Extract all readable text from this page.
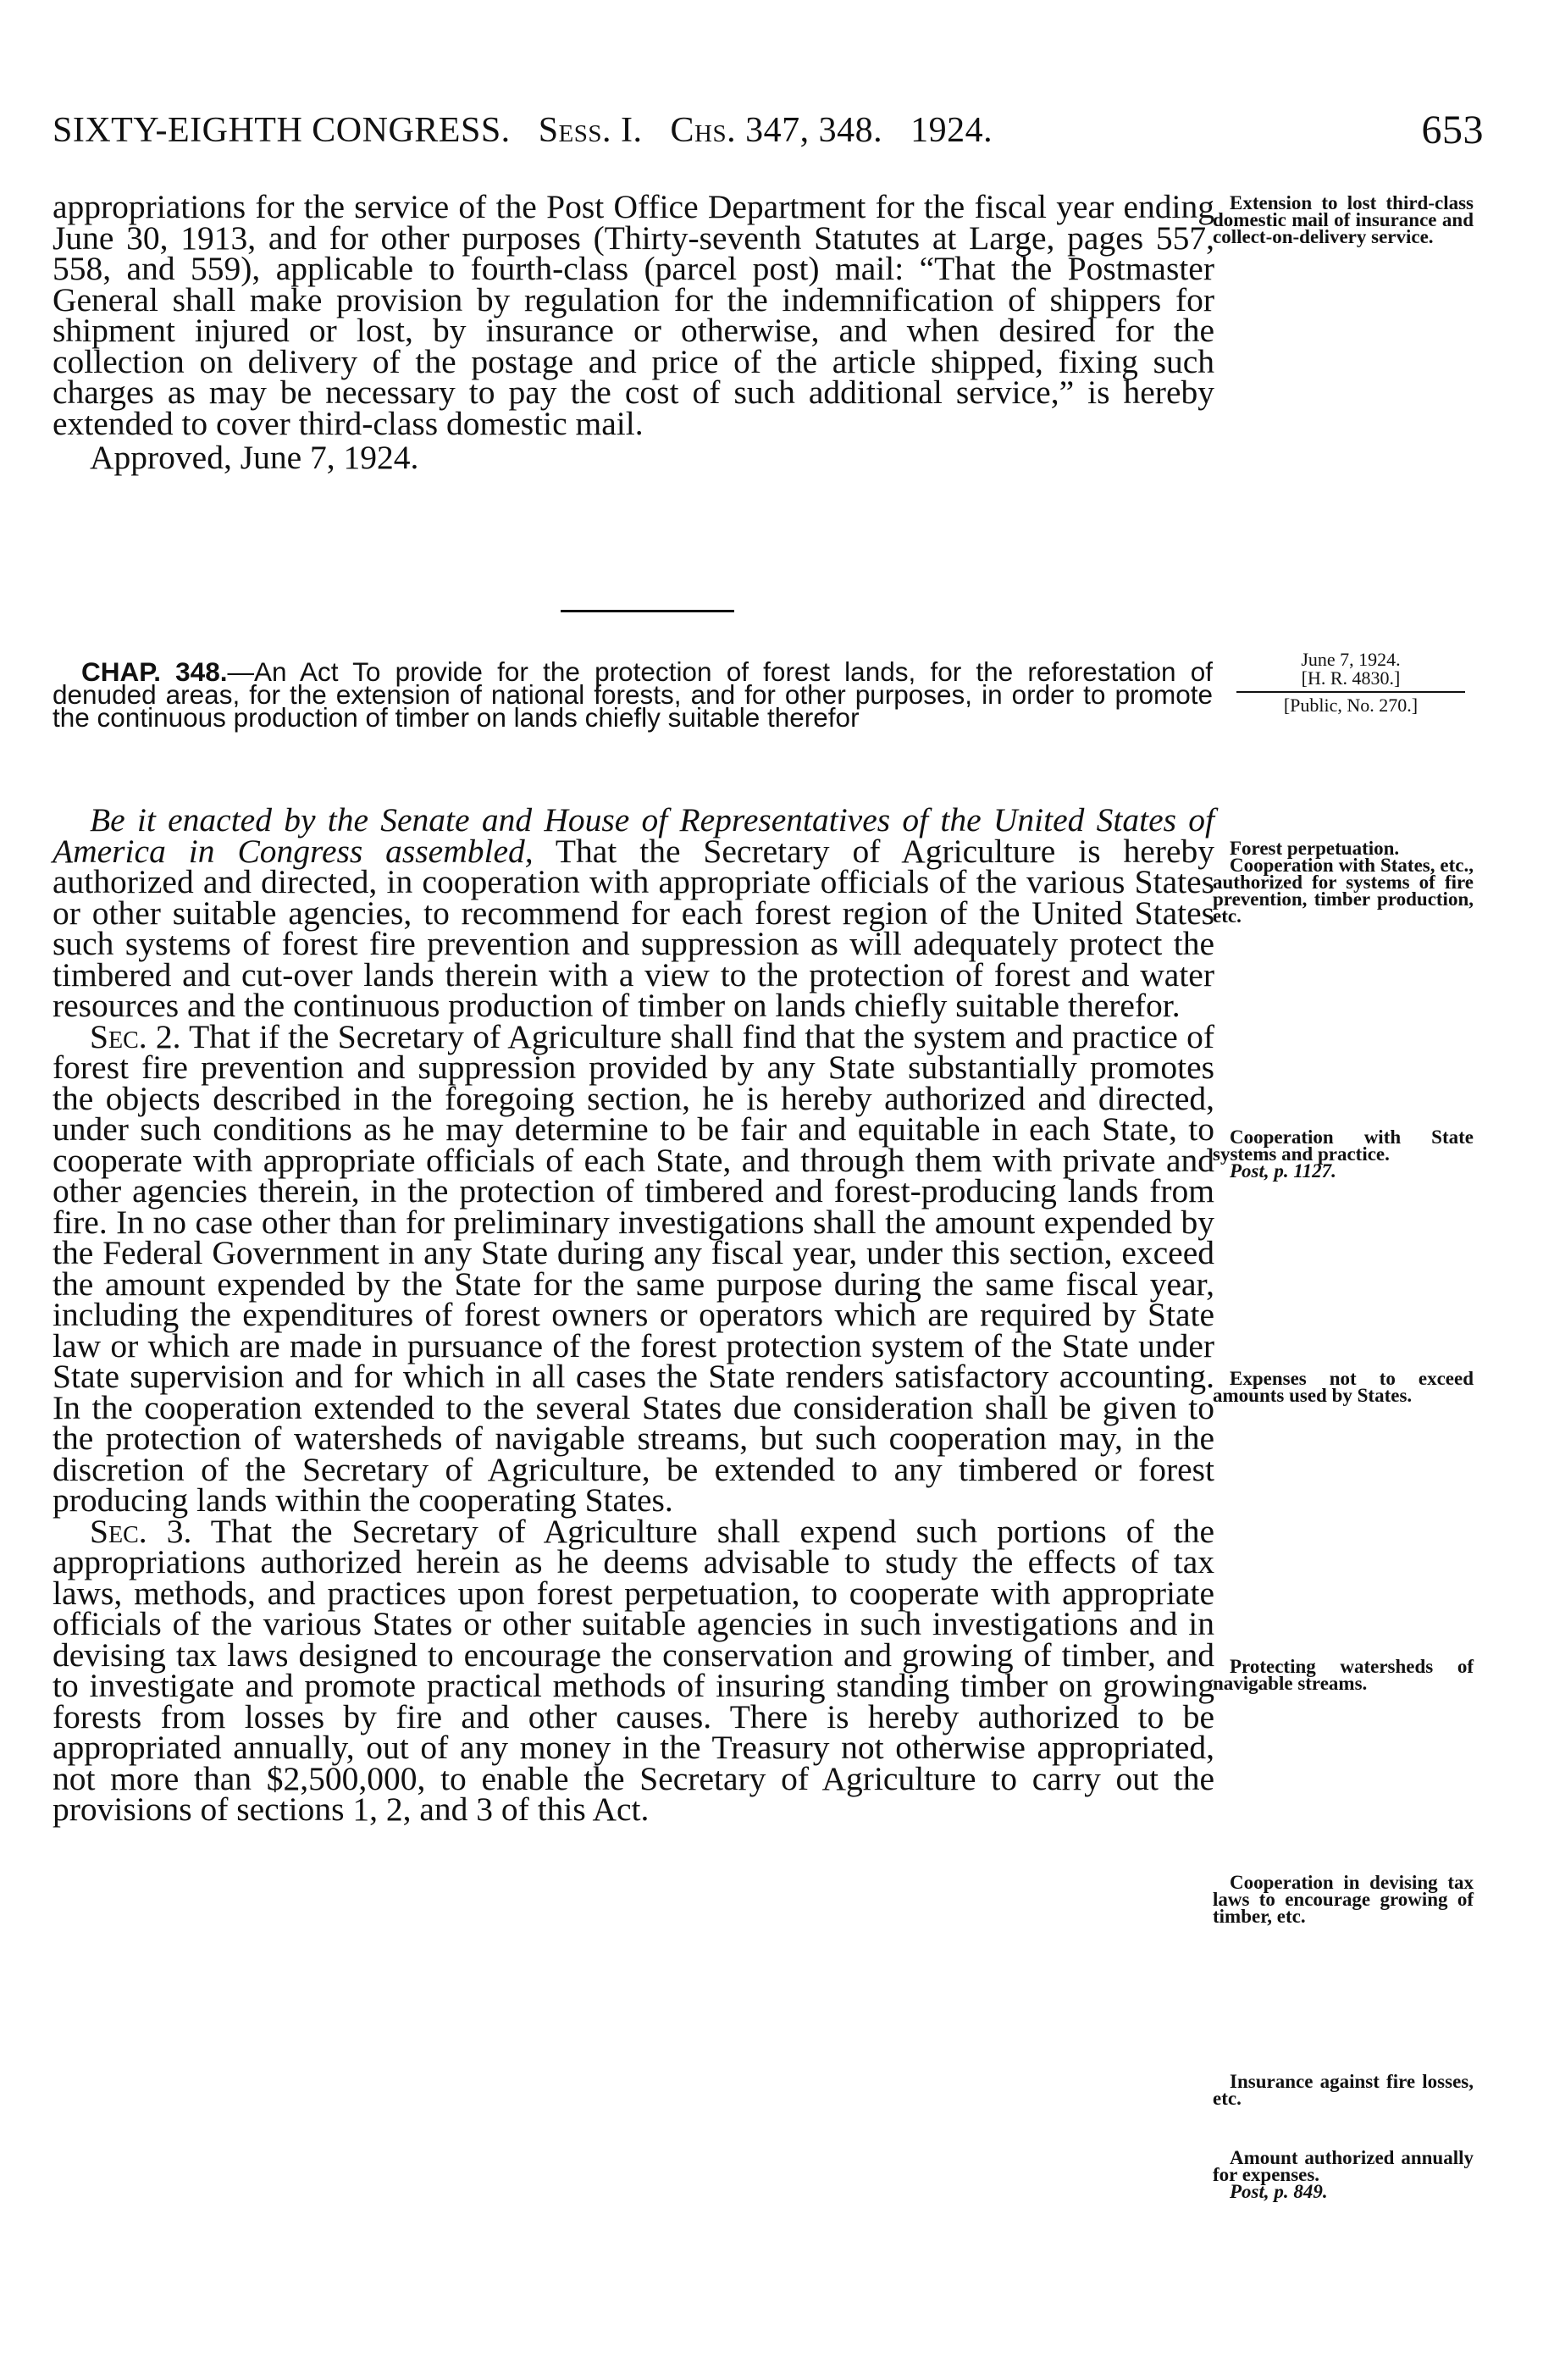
SIXTY-EIGHTH CONGRESS. Sess. I. Chs. 347, 348. 1924.	653

appropriations for the service of the Post Office Department for the fiscal year ending June 30, 1913, and for other purposes (Thirty-seventh Statutes at Large, pages 557, 558, and 559), applicable to fourth-class (parcel post) mail: “That the Postmaster General shall make provision by regulation for the indemnification of shippers for shipment injured or lost, by insurance or otherwise, and when desired for the collection on delivery of the postage and price of the article shipped, fixing such charges as may be necessary to pay the cost of such additional service,” is hereby extended to cover third-class domestic mail.

Approved, June 7, 1924.

Extension to lost third-class domestic mail of insurance and collect-on-delivery service.

CHAP. 348.—An Act To provide for the protection of forest lands, for the reforestation of denuded areas, for the extension of national forests, and for other purposes, in order to promote the continuous production of timber on lands chiefly suitable therefor

June 7, 1924.
[H. R. 4830.]
[Public, No. 270.]

Be it enacted by the Senate and House of Representatives of the United States of America in Congress assembled, That the Secretary of Agriculture is hereby authorized and directed, in cooperation with appropriate officials of the various States or other suitable agencies, to recommend for each forest region of the United States such systems of forest fire prevention and suppression as will adequately protect the timbered and cut-over lands therein with a view to the protection of forest and water resources and the continuous production of timber on lands chiefly suitable therefor.

Sec. 2. That if the Secretary of Agriculture shall find that the system and practice of forest fire prevention and suppression provided by any State substantially promotes the objects described in the foregoing section, he is hereby authorized and directed, under such conditions as he may determine to be fair and equitable in each State, to cooperate with appropriate officials of each State, and through them with private and other agencies therein, in the protection of timbered and forest-producing lands from fire. In no case other than for preliminary investigations shall the amount expended by the Federal Government in any State during any fiscal year, under this section, exceed the amount expended by the State for the same purpose during the same fiscal year, including the expenditures of forest owners or operators which are required by State law or which are made in pursuance of the forest protection system of the State under State supervision and for which in all cases the State renders satisfactory accounting. In the cooperation extended to the several States due consideration shall be given to the protection of watersheds of navigable streams, but such cooperation may, in the discretion of the Secretary of Agriculture, be extended to any timbered or forest producing lands within the cooperating States.

Sec. 3. That the Secretary of Agriculture shall expend such portions of the appropriations authorized herein as he deems advisable to study the effects of tax laws, methods, and practices upon forest perpetuation, to cooperate with appropriate officials of the various States or other suitable agencies in such investigations and in devising tax laws designed to encourage the conservation and growing of timber, and to investigate and promote practical methods of insuring standing timber on growing forests from losses by fire and other causes. There is hereby authorized to be appropriated annually, out of any money in the Treasury not otherwise appropriated, not more than $2,500,000, to enable the Secretary of Agriculture to carry out the provisions of sections 1, 2, and 3 of this Act.

Forest perpetuation.

Cooperation with States, etc., authorized for systems of fire prevention, timber production, etc.

Cooperation with State systems and practice.

Post, p. 1127.

Expenses not to exceed amounts used by States.

Protecting watersheds of navigable streams.

Cooperation in devising tax laws to encourage growing of timber, etc.

Insurance against fire losses, etc.

Amount authorized annually for expenses.

Post, p. 849.
